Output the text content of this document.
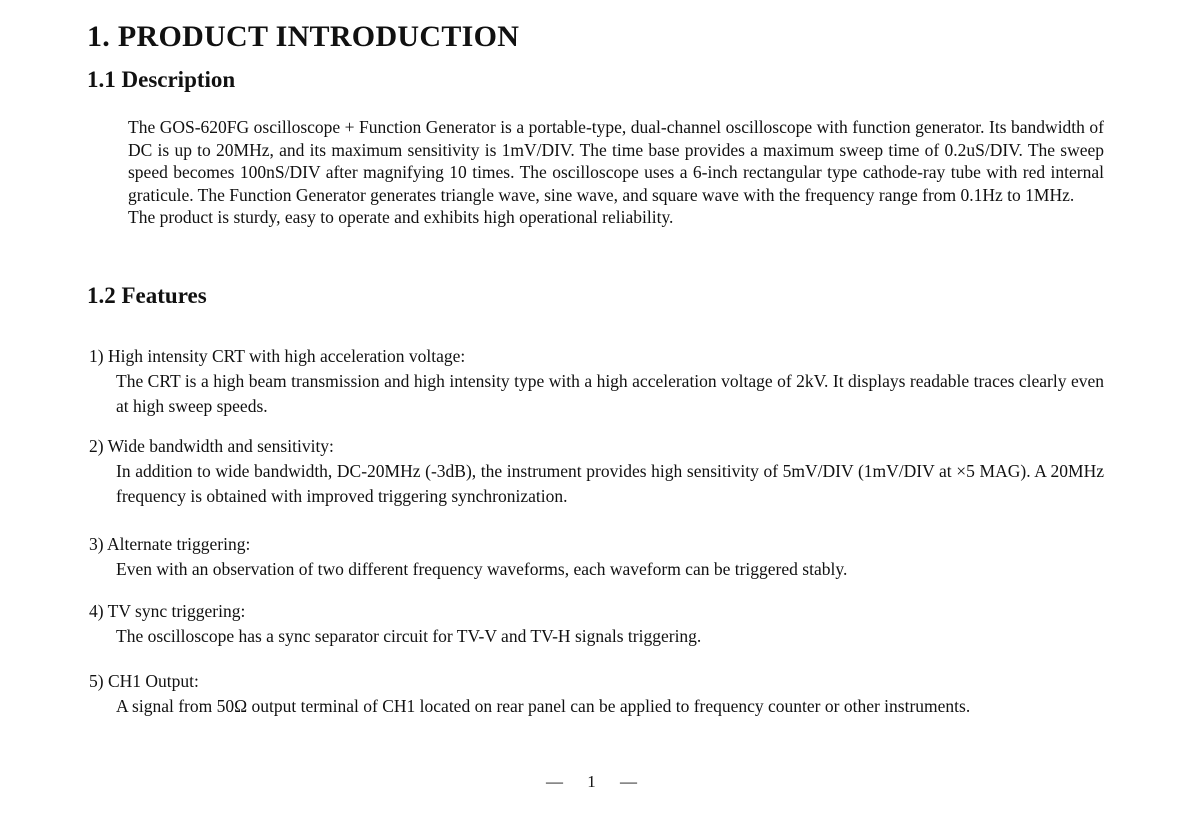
1. PRODUCT INTRODUCTION
1.1 Description

The GOS-620FG oscilloscope + Function Generator is a portable-type, dual-channel oscilloscope with function generator. Its bandwidth of DC is up to 20MHz, and its maximum sensitivity is 1mV/DIV. The time base provides a maximum sweep time of 0.2uS/DIV. The sweep speed becomes 100nS/DIV after magnifying 10 times. The oscilloscope uses a 6-inch rectangular type cathode-ray tube with red internal graticule. The Function Generator generates triangle wave, sine wave, and square wave with the frequency range from 0.1Hz to 1MHz.

The product is sturdy, easy to operate and exhibits high operational reliability.

1.2 Features

1) High intensity CRT with high acceleration voltage:

The CRT is a high beam transmission and high intensity type with a high acceleration voltage of 2kV. It displays readable traces clearly even at high sweep speeds.

2) Wide bandwidth and sensitivity:

In addition to wide bandwidth, DC-20MHz (-3dB), the instrument provides high sensitivity of 5mV/DIV (1mV/DIV at ×5 MAG). A 20MHz frequency is obtained with improved triggering synchronization.

3) Alternate triggering:

Even with an observation of two different frequency waveforms, each waveform can be triggered stably.

4) TV sync triggering:

The oscilloscope has a sync separator circuit for TV-V and TV-H signals triggering.

5) CH1 Output:

A signal from 50Ω output terminal of CH1 located on rear panel can be applied to frequency counter or other instruments.

— 1 —
